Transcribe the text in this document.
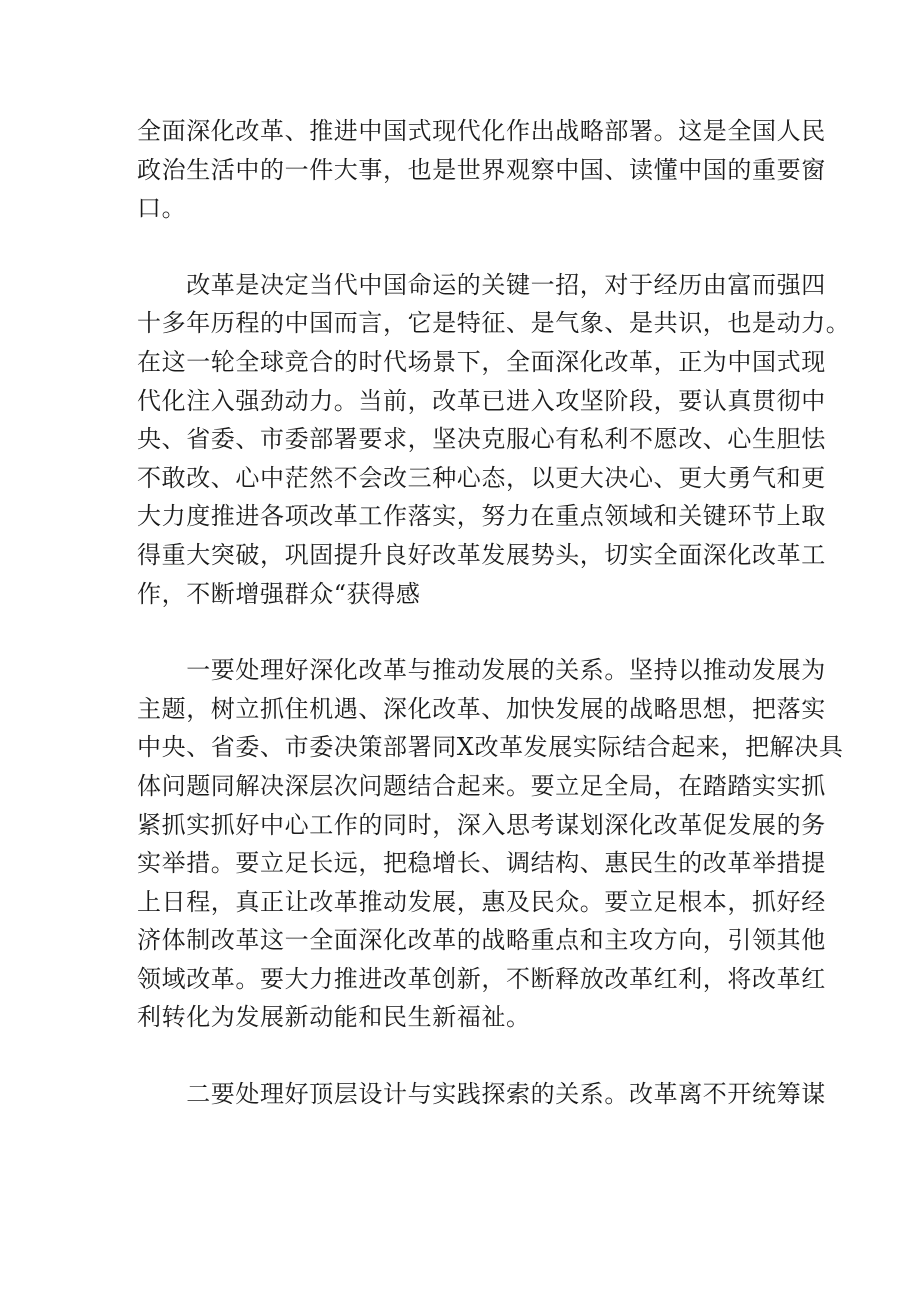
全面深化改革、推进中国式现代化作出战略部署。这是全国人民
政治生活中的一件大事，也是世界观察中国、读懂中国的重要窗
口。

　　改革是决定当代中国命运的关键一招，对于经历由富而强四
十多年历程的中国而言，它是特征、是气象、是共识，也是动力。
在这一轮全球竞合的时代场景下，全面深化改革，正为中国式现
代化注入强劲动力。当前，改革已进入攻坚阶段，要认真贯彻中
央、省委、市委部署要求，坚决克服心有私利不愿改、心生胆怯
不敢改、心中茫然不会改三种心态，以更大决心、更大勇气和更
大力度推进各项改革工作落实，努力在重点领域和关键环节上取
得重大突破，巩固提升良好改革发展势头，切实全面深化改革工
作，不断增强群众“获得感

　　一要处理好深化改革与推动发展的关系。坚持以推动发展为
主题，树立抓住机遇、深化改革、加快发展的战略思想，把落实
中央、省委、市委决策部署同X改革发展实际结合起来，把解决具
体问题同解决深层次问题结合起来。要立足全局，在踏踏实实抓
紧抓实抓好中心工作的同时，深入思考谋划深化改革促发展的务
实举措。要立足长远，把稳增长、调结构、惠民生的改革举措提
上日程，真正让改革推动发展，惠及民众。要立足根本，抓好经
济体制改革这一全面深化改革的战略重点和主攻方向，引领其他
领域改革。要大力推进改革创新，不断释放改革红利，将改革红
利转化为发展新动能和民生新福祉。

　　二要处理好顶层设计与实践探索的关系。改革离不开统筹谋
